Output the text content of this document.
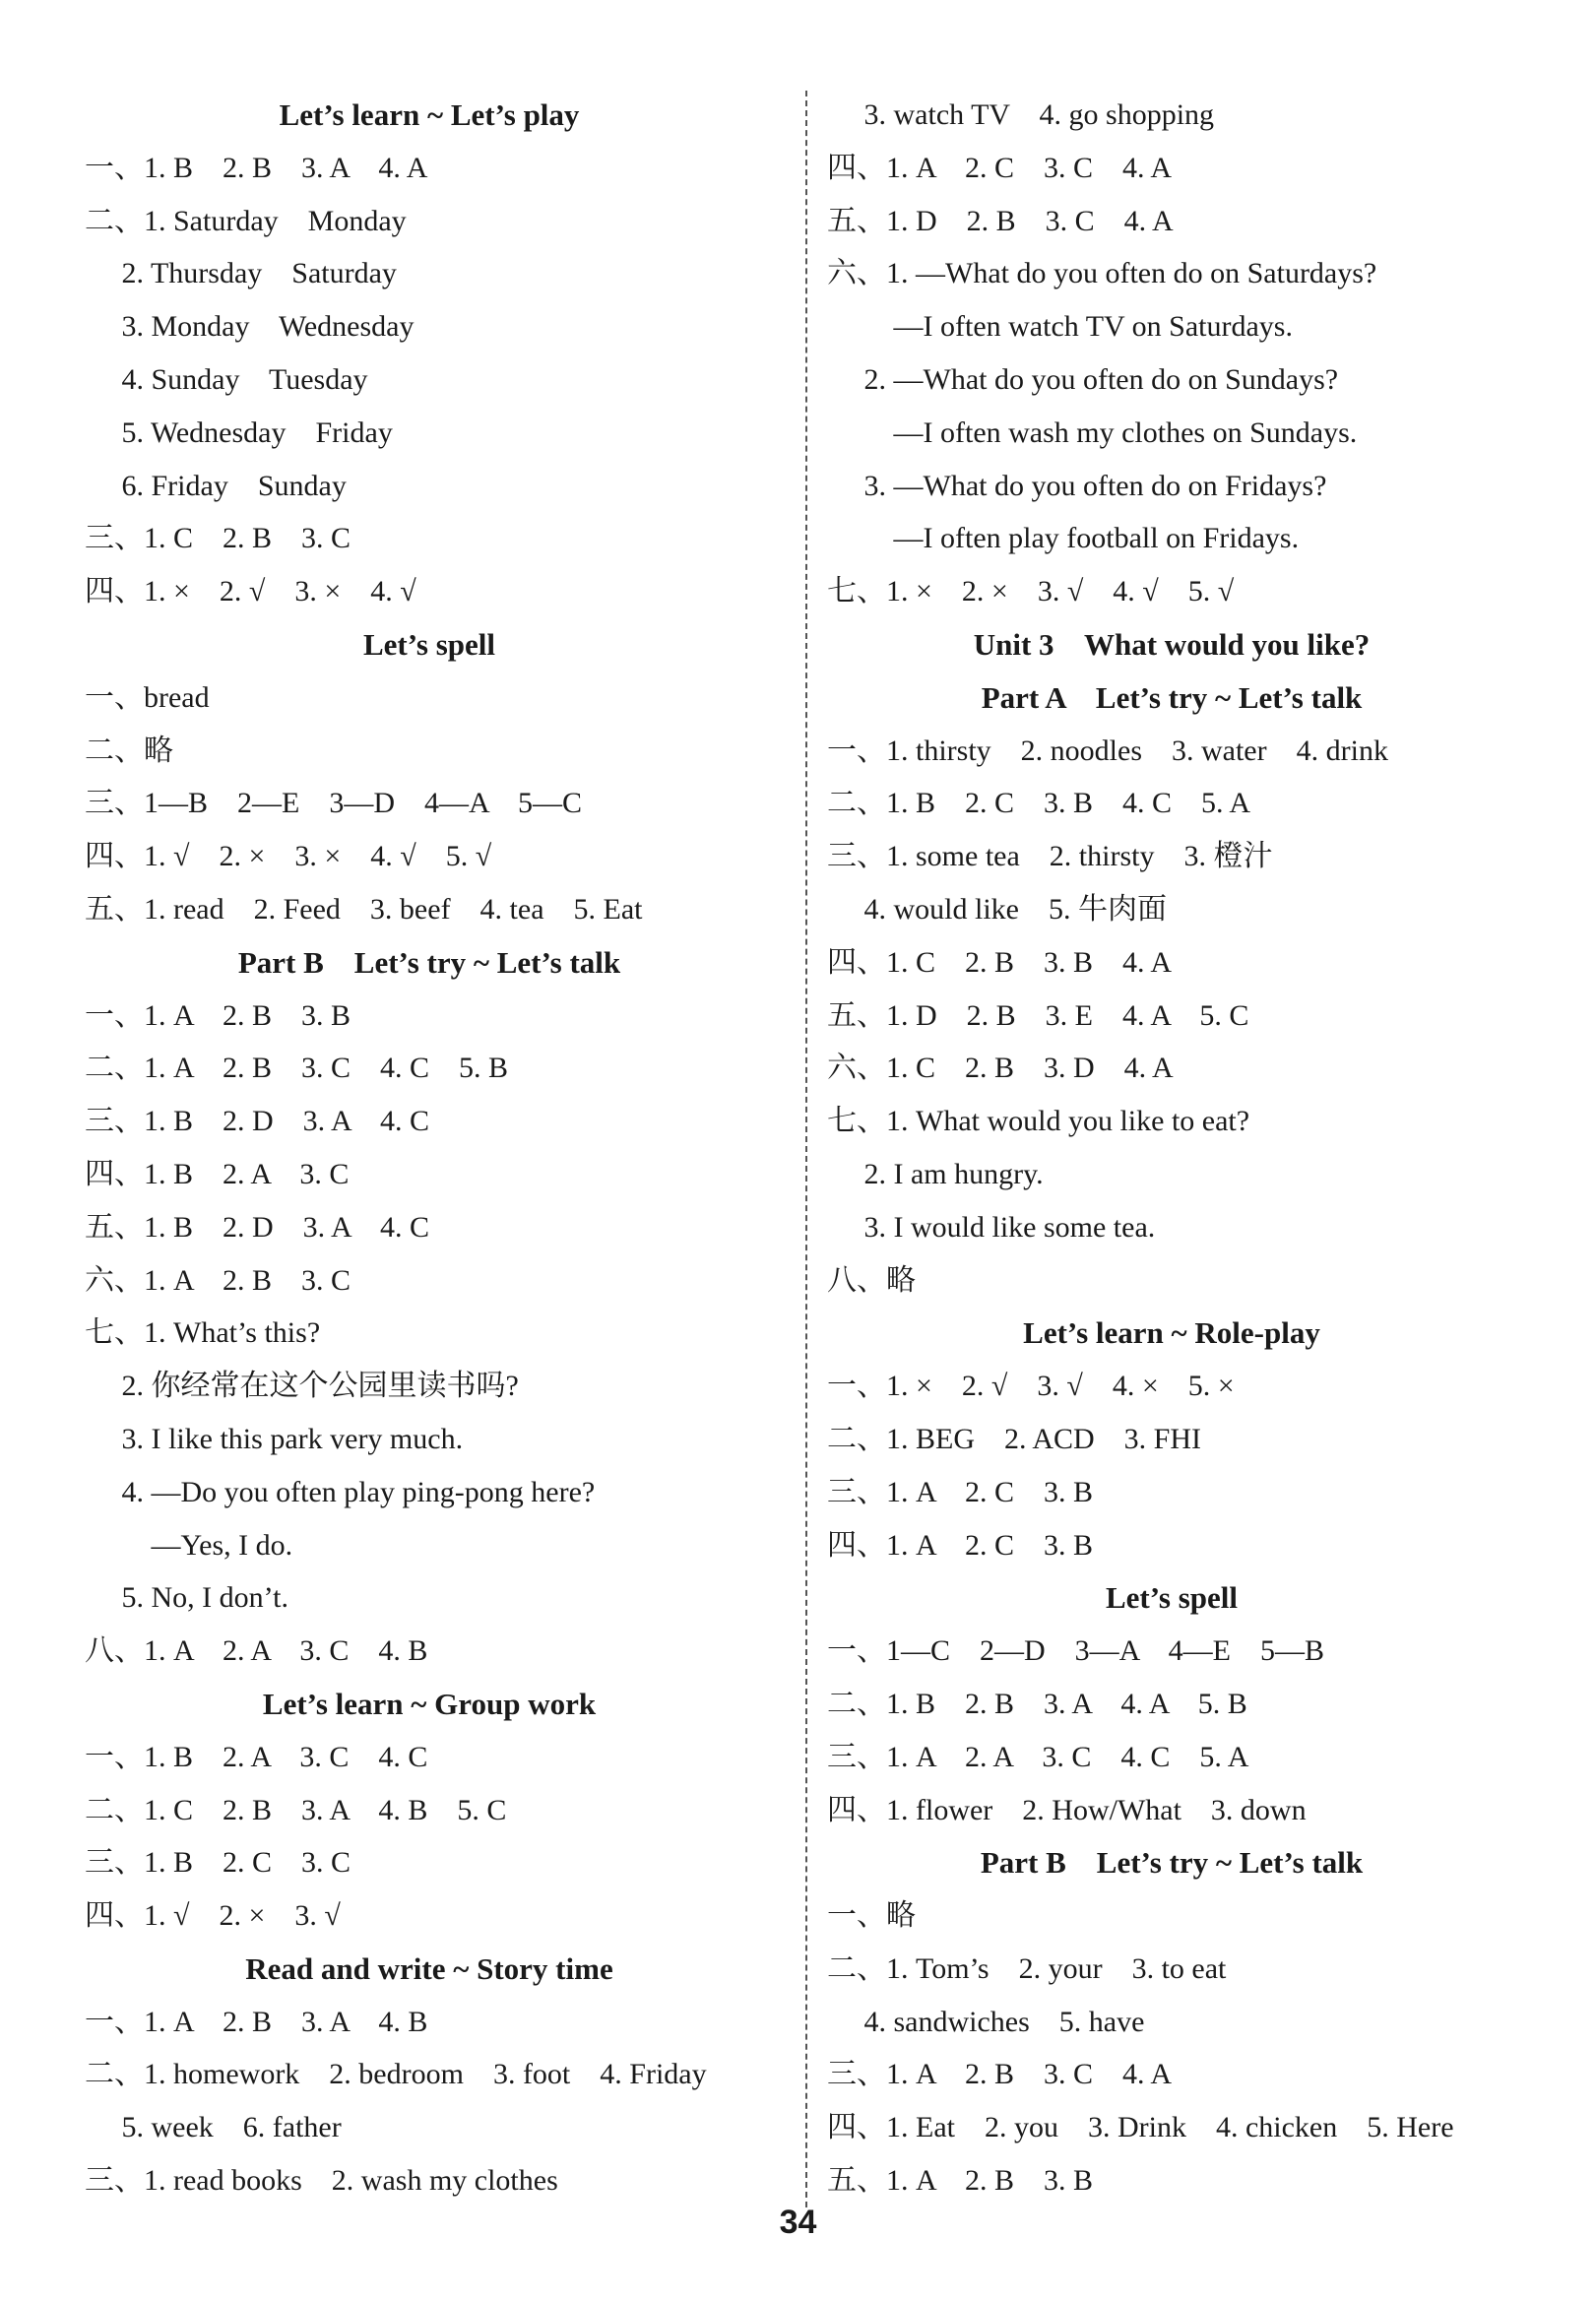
Let’s learn ~ Let’s play
一、1. B    2. B    3. A    4. A
二、1. Saturday    Monday
2. Thursday    Saturday
3. Monday    Wednesday
4. Sunday    Tuesday
5. Wednesday    Friday
6. Friday    Sunday
三、1. C    2. B    3. C
四、1. ×    2. √    3. ×    4. √
Let’s spell
一、bread
二、略
三、1—B    2—E    3—D    4—A    5—C
四、1. √    2. ×    3. ×    4. √    5. √
五、1. read    2. Feed    3. beef    4. tea    5. Eat
Part B    Let’s try ~ Let’s talk
一、1. A    2. B    3. B
二、1. A    2. B    3. C    4. C    5. B
三、1. B    2. D    3. A    4. C
四、1. B    2. A    3. C
五、1. B    2. D    3. A    4. C
六、1. A    2. B    3. C
七、1. What’s this?
2. 你经常在这个公园里读书吗?
3. I like this park very much.
4. —Do you often play ping-pong here?
—Yes, I do.
5. No, I don’t.
八、1. A    2. A    3. C    4. B
Let’s learn ~ Group work
一、1. B    2. A    3. C    4. C
二、1. C    2. B    3. A    4. B    5. C
三、1. B    2. C    3. C
四、1. √    2. ×    3. √
Read and write ~ Story time
一、1. A    2. B    3. A    4. B
二、1. homework    2. bedroom    3. foot    4. Friday
5. week    6. father
三、1. read books    2. wash my clothes
3. watch TV    4. go shopping
四、1. A    2. C    3. C    4. A
五、1. D    2. B    3. C    4. A
六、1. —What do you often do on Saturdays?
—I often watch TV on Saturdays.
2. —What do you often do on Sundays?
—I often wash my clothes on Sundays.
3. —What do you often do on Fridays?
—I often play football on Fridays.
七、1. ×    2. ×    3. √    4. √    5. √
Unit 3    What would you like?
Part A    Let’s try ~ Let’s talk
一、1. thirsty    2. noodles    3. water    4. drink
二、1. B    2. C    3. B    4. C    5. A
三、1. some tea    2. thirsty    3. 橙汁
4. would like    5. 牛肉面
四、1. C    2. B    3. B    4. A
五、1. D    2. B    3. E    4. A    5. C
六、1. C    2. B    3. D    4. A
七、1. What would you like to eat?
2. I am hungry.
3. I would like some tea.
八、略
Let’s learn ~ Role-play
一、1. ×    2. √    3. √    4. ×    5. ×
二、1. BEG    2. ACD    3. FHI
三、1. A    2. C    3. B
四、1. A    2. C    3. B
Let’s spell
一、1—C    2—D    3—A    4—E    5—B
二、1. B    2. B    3. A    4. A    5. B
三、1. A    2. A    3. C    4. C    5. A
四、1. flower    2. How/What    3. down
Part B    Let’s try ~ Let’s talk
一、略
二、1. Tom’s    2. your    3. to eat
4. sandwiches    5. have
三、1. A    2. B    3. C    4. A
四、1. Eat    2. you    3. Drink    4. chicken    5. Here
五、1. A    2. B    3. B
34
